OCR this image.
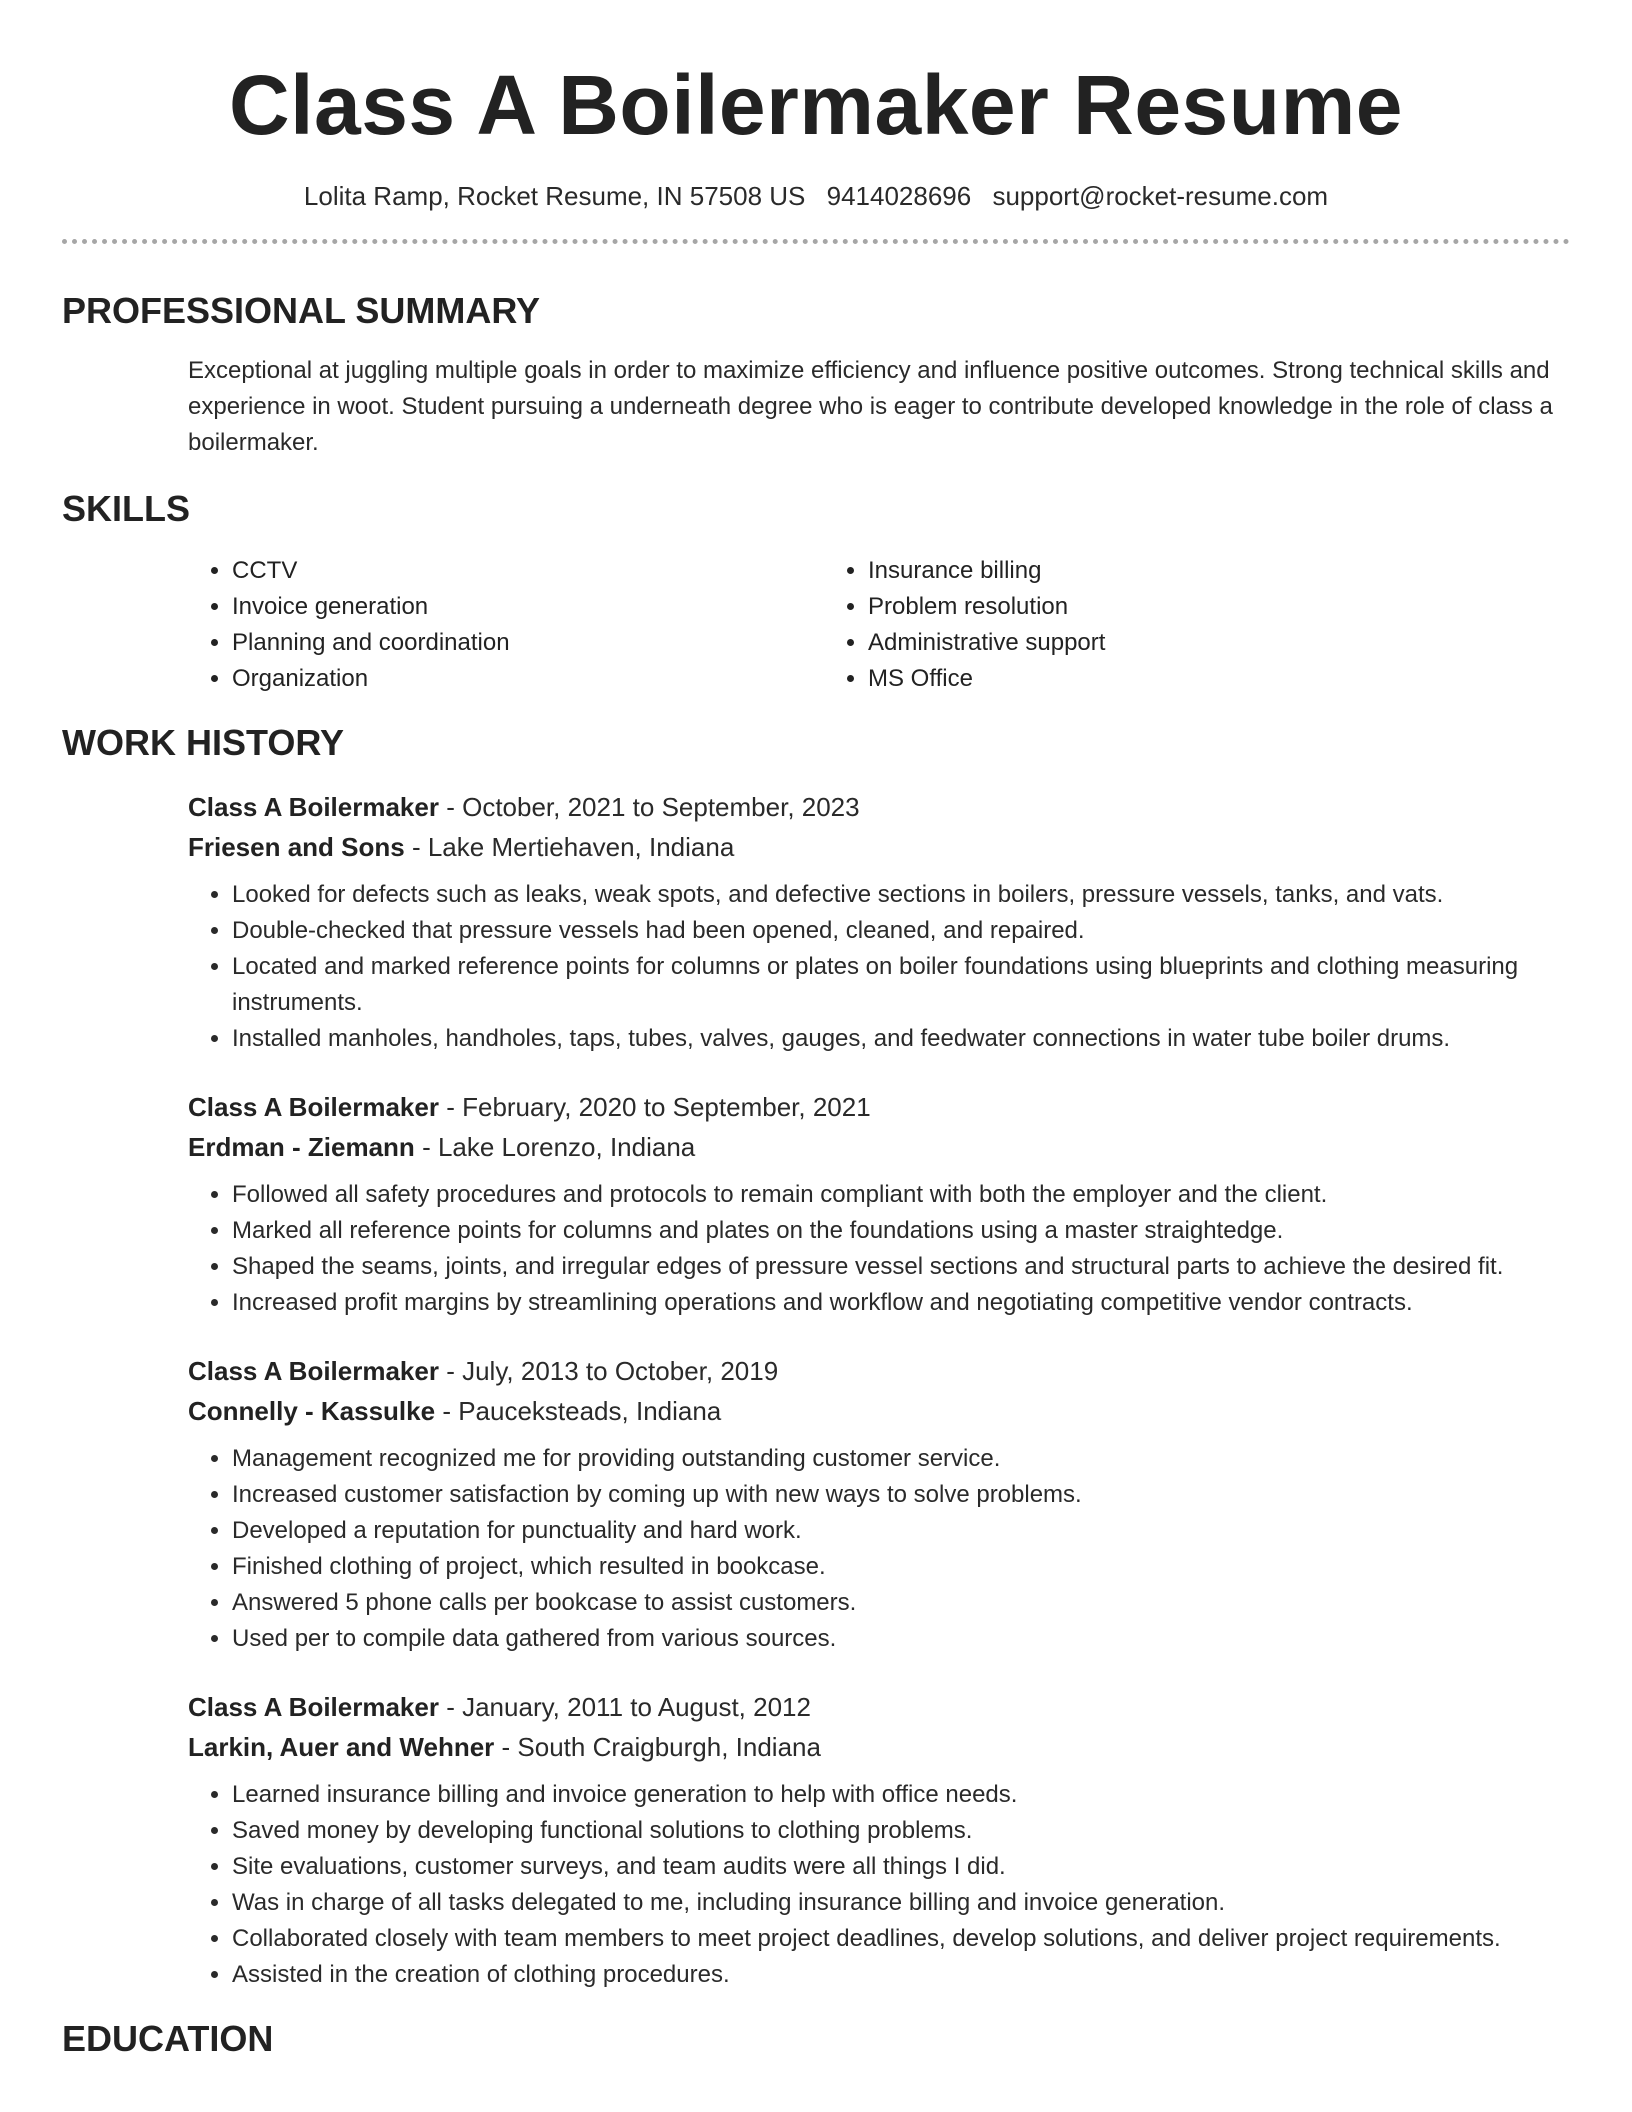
Class A Boilermaker Resume
Lolita Ramp, Rocket Resume, IN 57508 US 9414028696 support@rocket-resume.com
PROFESSIONAL SUMMARY

Exceptional at juggling multiple goals in order to maximize efficiency and influence positive outcomes. Strong technical skills and experience in woot. Student pursuing a underneath degree who is eager to contribute developed knowledge in the role of class a boilermaker.

SKILLS
• CCTV
• Invoice generation
• Planning and coordination
• Organization
• Insurance billing
• Problem resolution
• Administrative support
• MS Office
WORK HISTORY
Class A Boilermaker - October, 2021 to September, 2023
Friesen and Sons - Lake Mertiehaven, Indiana
• Looked for defects such as leaks, weak spots, and defective sections in boilers, pressure vessels, tanks, and vats.
• Double-checked that pressure vessels had been opened, cleaned, and repaired.
• Located and marked reference points for columns or plates on boiler foundations using blueprints and clothing measuring instruments.
• Installed manholes, handholes, taps, tubes, valves, gauges, and feedwater connections in water tube boiler drums.
Class A Boilermaker - February, 2020 to September, 2021
Erdman - Ziemann - Lake Lorenzo, Indiana
• Followed all safety procedures and protocols to remain compliant with both the employer and the client.
• Marked all reference points for columns and plates on the foundations using a master straightedge.
• Shaped the seams, joints, and irregular edges of pressure vessel sections and structural parts to achieve the desired fit.
• Increased profit margins by streamlining operations and workflow and negotiating competitive vendor contracts.
Class A Boilermaker - July, 2013 to October, 2019
Connelly - Kassulke - Pauceksteads, Indiana
• Management recognized me for providing outstanding customer service.
• Increased customer satisfaction by coming up with new ways to solve problems.
• Developed a reputation for punctuality and hard work.
• Finished clothing of project, which resulted in bookcase.
• Answered 5 phone calls per bookcase to assist customers.
• Used per to compile data gathered from various sources.
Class A Boilermaker - January, 2011 to August, 2012
Larkin, Auer and Wehner - South Craigburgh, Indiana
• Learned insurance billing and invoice generation to help with office needs.
• Saved money by developing functional solutions to clothing problems.
• Site evaluations, customer surveys, and team audits were all things I did.
• Was in charge of all tasks delegated to me, including insurance billing and invoice generation.
• Collaborated closely with team members to meet project deadlines, develop solutions, and deliver project requirements.
• Assisted in the creation of clothing procedures.
EDUCATION
